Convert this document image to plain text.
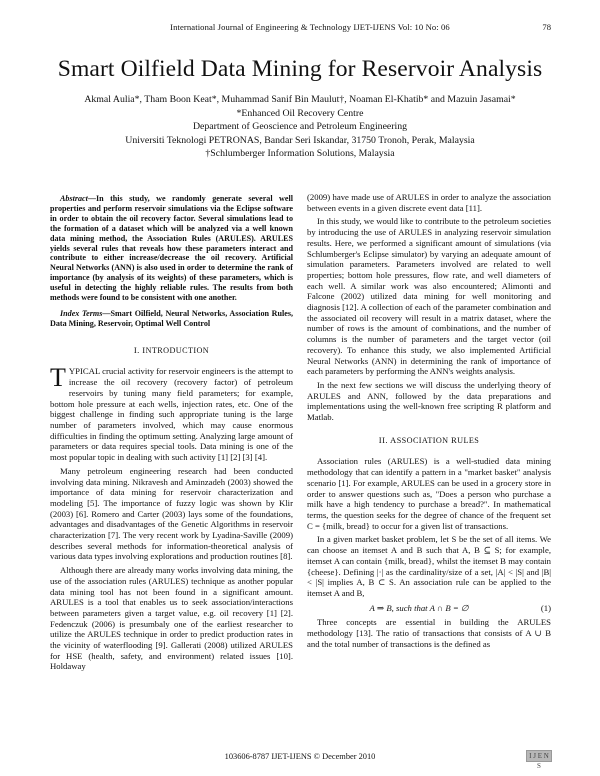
International Journal of Engineering & Technology IJET-IJENS Vol: 10 No: 06	78
Smart Oilfield Data Mining for Reservoir Analysis
Akmal Aulia*, Tham Boon Keat*, Muhammad Sanif Bin Maulut†, Noaman El-Khatib* and Mazuin Jasamai*
*Enhanced Oil Recovery Centre
Department of Geoscience and Petroleum Engineering
Universiti Teknologi PETRONAS, Bandar Seri Iskandar, 31750 Tronoh, Perak, Malaysia
†Schlumberger Information Solutions, Malaysia

Abstract—In this study, we randomly generate several well properties and perform reservoir simulations via the Eclipse software in order to obtain the oil recovery factor. Several simulations lead to the formation of a dataset which will be analyzed via a well known data mining method, the Association Rules (ARULES). ARULES yields several rules that reveals how these parameters interact and contribute to either increase/decrease the oil recovery. Artificial Neural Networks (ANN) is also used in order to determine the rank of importance (by analysis of its weights) of these parameters, which is useful in detecting the highly reliable rules. The results from both methods were found to be consistent with one another.

Index Terms—Smart Oilfield, Neural Networks, Association Rules, Data Mining, Reservoir, Optimal Well Control

I. INTRODUCTION

TYPICAL crucial activity for reservoir engineers is the attempt to increase the oil recovery (recovery factor) of petroleum reservoirs by tuning many field parameters; for example, bottom hole pressure at each wells, injection rates, etc. One of the biggest challenge in finding such appropriate tuning is the large number of parameters involved, which may cause enormous difficulties in finding the optimum setting. Analyzing large amount of parameters or data requires special tools. Data mining is one of the most popular topic in dealing with such activity [1] [2] [3] [4].

Many petroleum engineering research had been conducted involving data mining. Nikravesh and Aminzadeh (2003) showed the importance of data mining for reservoir characterization and modeling [5]. The importance of fuzzy logic was shown by Klir (2003) [6]. Romero and Carter (2003) lays some of the foundations, advantages and disadvantages of the Genetic Algorithms in reservoir characterization [7]. The very recent work by Lyadina-Saville (2009) describes several methods for information-theoretical analysis of various data types involving explorations and production routines [8].

Although there are already many works involving data mining, the use of the association rules (ARULES) technique as another popular data mining tool has not been found in a significant amount. ARULES is a tool that enables us to seek association/interactions between parameters given a target value, e.g. oil recovery [1] [2]. Fedenczuk (2006) is presumbaly one of the earliest researcher to utilize the ARULES technique in order to predict production rates in the vicinity of waterflooding [9]. Gallerati (2008) utilized ARULES for HSE (health, safety, and environment) related issues [10]. Holdaway

(2009) have made use of ARULES in order to analyze the association between events in a given discrete event data [11].

In this study, we would like to contribute to the petroleum societies by introducing the use of ARULES in analyzing reservoir simulation results. Here, we performed a significant amount of simulations (via Schlumberger's Eclipse simulator) by varying an adequate amount of simulation parameters. Parameters involved are related to well properties; bottom hole pressures, flow rate, and well diameters of each well. A similar work was also encountered; Alimonti and Falcone (2002) utilized data mining for well monitoring and diagnosis [12]. A collection of each of the parameter combination and the associated oil recovery will result in a matrix dataset, where the number of rows is the amount of combinations, and the number of columns is the number of parameters and the target vector (oil recovery). To enhance this study, we also implemented Artificial Neural Networks (ANN) in determining the rank of importance of each parameters by performing the ANN's weights analysis.

In the next few sections we will discuss the underlying theory of ARULES and ANN, followed by the data preparations and implementations using the well-known free scripting R platform and Matlab.

II. ASSOCIATION RULES

Association rules (ARULES) is a well-studied data mining methodology that can identify a pattern in a "market basket" analysis scenario [1]. For example, ARULES can be used in a grocery store in order to answer questions such as, "Does a person who purchase a milk have a high tendency to purchase a bread?". In mathematical terms, the question seeks for the degree of chance of the frequent set C = {milk, bread} to occur for a given list of transactions.

In a given market basket problem, let S be the set of all items. We can choose an itemset A and B such that A, B ⊆ S; for example, itemset A can contain {milk, bread}, whilst the itemset B may contain {cheese}. Defining |·| as the cardinality/size of a set, |A| < |S| and |B| < |S| implies A, B ⊂ S. An association rule can be applied to the itemset A and B,

A ⇒ B, such that A ∩ B = ∅	(1)

Three concepts are essential in building the ARULES methodology [13]. The ratio of transactions that consists of A ∪ B and the total number of transactions is the defined as

103606-8787 IJET-IJENS © December 2010	I J E N S
